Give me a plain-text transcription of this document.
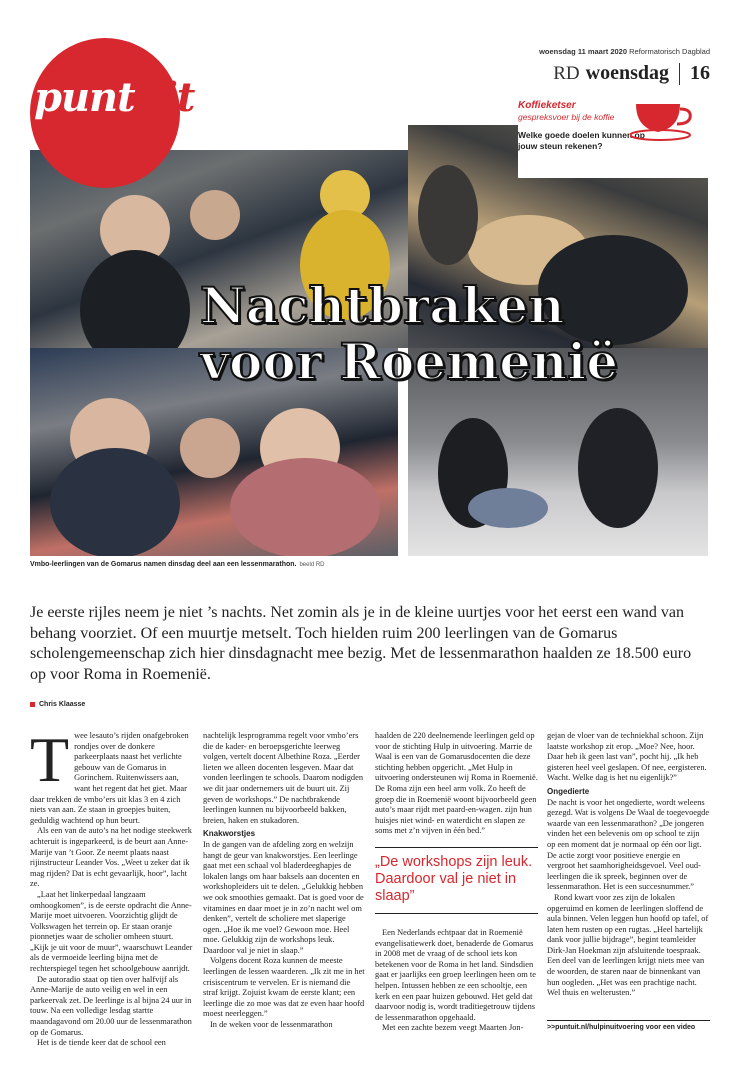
woensdag 11 maart 2020 Reformatorisch Dagblad
RD woensdag 16
puntuit	Koffieketser
gespreksvoer bij de koffie
Welke goede doelen kunnen op jouw steun rekenen?
Nachtbraken
voor Roemenië
Vmbo-leerlingen van de Gomarus namen dinsdag deel aan een lessenmarathon. beeld RD
Je eerste rijles neem je niet ’s nachts. Net zomin als je in de kleine uurtjes voor het eerst een wand van behang voorziet. Of een muurtje metselt. Toch hielden ruim 200 leerlingen van de Gomarus scholengemeenschap zich hier dinsdagnacht mee bezig. Met de lessenmarathon haalden ze 18.500 euro op voor Roma in Roemenië.
Chris Klaasse
T wee lesauto’s rijden onafgebroken rondjes over de donkere parkeerplaats naast het verlichte gebouw van de Gomarus in Gorinchem. Ruitenwissers aan, want het regent dat het giet. Maar daar trekken de vmbo’ers uit klas 3 en 4 zich niets van aan. Ze staan in groepjes buiten, geduldig wachtend op hun beurt.

Als een van de auto’s na het nodige steekwerk achteruit is ingeparkeerd, is de beurt aan Anne-Marije van ’t Goor. Ze neemt plaats naast rijinstructeur Leander Vos. „Weet u zeker dat ik mag rijden? Dat is echt gevaarlijk, hoor”, lacht ze.

„Laat het linkerpedaal langzaam omhoogkomen”, is de eerste opdracht die Anne-Marije moet uitvoeren. Voorzichtig glijdt de Volkswagen het terrein op. Er staan oranje pionnetjes waar de scholier omheen stuurt. „Kijk je uit voor de muur”, waarschuwt Leander als de vermoeide leerling bijna met de rechterspiegel tegen het schoolgebouw aanrijdt.

De autoradio staat op tien over halfvijf als Anne-Marije de auto veilig en wel in een parkeervak zet. De leerlinge is al bijna 24 uur in touw. Na een volledige lesdag startte maandagavond om 20.00 uur de lessenmarathon op de Gomarus.

Het is de tiende keer dat de school een

nachtelijk lesprogramma regelt voor vmbo’ers die de kader- en beroepsgerichte leerweg volgen, vertelt docent Albethine Roza. „Eerder lieten we alleen docenten lesgeven. Maar dat vonden leerlingen te schools. Daarom nodigden we dit jaar ondernemers uit de buurt uit. Zij geven de workshops.” De nachtbrakende leerlingen kunnen nu bijvoorbeeld bakken, breien, haken en stukadoren.

Knakworstjes

In de gangen van de afdeling zorg en welzijn hangt de geur van knakworstjes. Een leerlinge gaat met een schaal vol bladerdeeghapjes de lokalen langs om haar baksels aan docenten en workshopleiders uit te delen. „Gelukkig hebben we ook smoothies gemaakt. Dat is goed voor de vitamines en daar moet je in zo’n nacht wel om denken”, vertelt de scholiere met slaperige ogen. „Hoe ik me voel? Gewoon moe. Heel moe. Gelukkig zijn de workshops leuk. Daardoor val je niet in slaap.”

Volgens docent Roza kunnen de meeste leerlingen de lessen waarderen. „Ik zit me in het crisiscentrum te vervelen. Er is niemand die straf krijgt. Zojuist kwam de eerste klant; een leerlinge die zo moe was dat ze even haar hoofd moest neerleggen.”

In de weken voor de lessenmarathon

haalden de 220 deelnemende leerlingen geld op voor de stichting Hulp in uitvoering. Marrie de Waal is een van de Gomarusdocenten die deze stichting hebben opgericht. „Met Hulp in uitvoering ondersteunen wij Roma in Roemenië. De Roma zijn een heel arm volk. Zo heeft de groep die in Roemenië woont bijvoorbeeld geen auto’s maar rijdt met paard-en-wagen. zijn hun huisjes niet wind- en waterdicht en slapen ze soms met z’n vijven in één bed.”

„De workshops zijn leuk. Daardoor val je niet in slaap”

Een Nederlands echtpaar dat in Roemenië evangelisatiewerk doet, benaderde de Gomarus in 2008 met de vraag of de school iets kon betekenen voor de Roma in het land. Sindsdien gaat er jaarlijks een groep leerlingen heen om te helpen. Intussen hebben ze een schooltje, een kerk en een paar huizen gebouwd. Het geld dat daarvoor nodig is, wordt traditiegetrouw tijdens de lessenmarathon opgehaald.

Met een zachte bezem veegt Maarten Jon-

gejan de vloer van de techniekhal schoon. Zijn laatste workshop zit erop. „Moe? Nee, hoor. Daar heb ik geen last van”, pocht hij. „Ik heb gisteren heel veel geslapen. Of nee, eergisteren. Wacht. Welke dag is het nu eigenlijk?”

Ongedierte

De nacht is voor het ongedierte, wordt weleens gezegd. Wat is volgens De Waal de toegevoegde waarde van een lessenmarathon? „De jongeren vinden het een belevenis om op school te zijn op een moment dat je normaal op één oor ligt. De actie zorgt voor positieve energie en vergroot het saamhorigheidsgevoel. Veel oud-leerlingen die ik spreek, beginnen over de lessenmarathon. Het is een succesnummer.”

Rond kwart voor zes zijn de lokalen opgeruimd en komen de leerlingen sloffend de aula binnen. Velen leggen hun hoofd op tafel, of laten hem rusten op een rugtas. „Heel hartelijk dank voor jullie bijdrage”, begint teamleider Dirk-Jan Hoekman zijn afsluitende toespraak. Een deel van de leerlingen krijgt niets mee van de woorden, de staren naar de binnenkant van hun oogleden. „Het was een prachtige nacht. Wel thuis en welterusten.”

>>puntuit.nl/hulpinuitvoering voor een video
